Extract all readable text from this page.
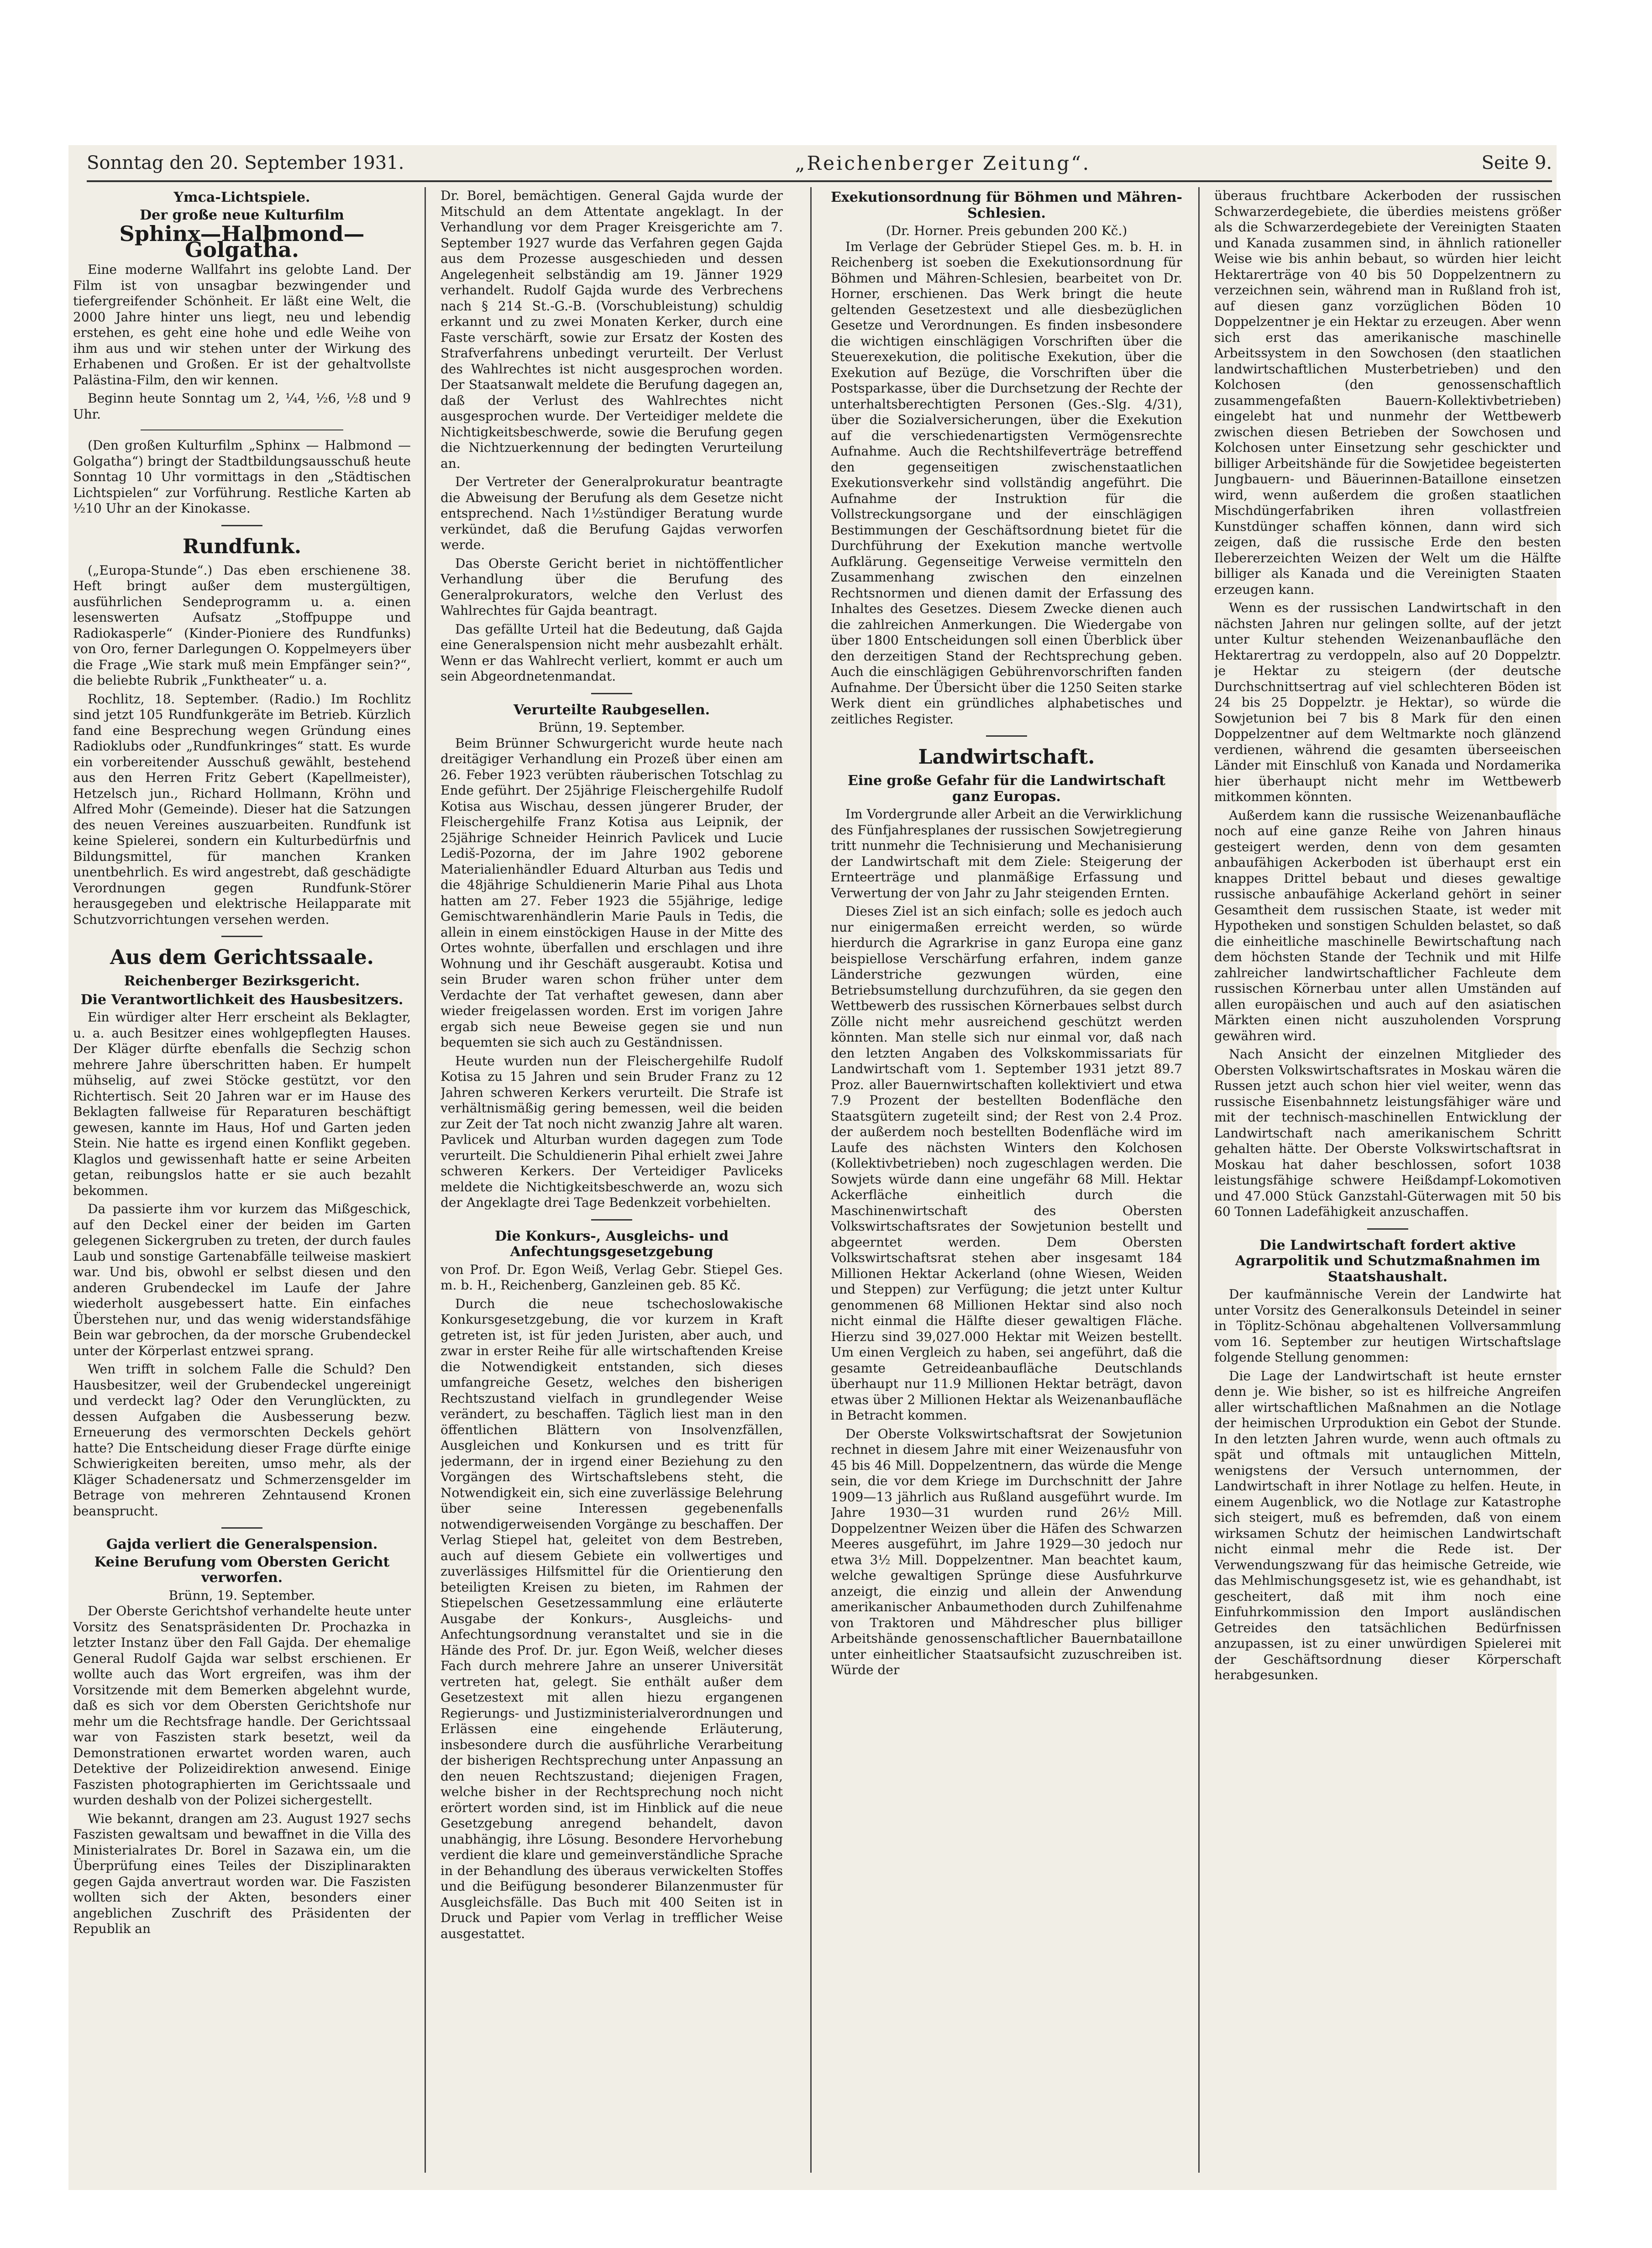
Sonntag den 20. September 1931.	„Reichenberger Zeitung“.	Seite 9.
Ymca-Lichtspiele.
Der große neue Kulturfilm
Sphinx—Halbmond—Golgatha.

Eine moderne Wallfahrt ins gelobte Land. Der Film ist von unsagbar bezwingender und tiefergreifender Schönheit. Er läßt eine Welt, die 2000 Jahre hinter uns liegt, neu und lebendig erstehen, es geht eine hohe und edle Weihe von ihm aus und wir stehen unter der Wirkung des Erhabenen und Großen. Er ist der gehaltvollste Palästina-Film, den wir kennen.

Beginn heute Sonntag um 2, ¼4, ½6, ½8 und 9 Uhr.

(Den großen Kulturfilm „Sphinx — Halbmond — Golgatha“) bringt der Stadtbildungsausschuß heute Sonntag 10 Uhr vormittags in den „Städtischen Lichtspielen“ zur Vorführung. Restliche Karten ab ½10 Uhr an der Kinokasse.

Rundfunk.

(„Europa-Stunde“.) Das eben erschienene 38. Heft bringt außer dem mustergültigen, ausführlichen Sendeprogramm u. a. einen lesenswerten Aufsatz „Stoffpuppe und Radiokasperle“ (Kinder-Pioniere des Rundfunks) von Oro, ferner Darlegungen O. Koppelmeyers über die Frage „Wie stark muß mein Empfänger sein?“, die beliebte Rubrik „Funktheater“ u. a.

Rochlitz, 18. September. (Radio.) Im Rochlitz sind jetzt 105 Rundfunkgeräte im Betrieb. Kürzlich fand eine Besprechung wegen Gründung eines Radioklubs oder „Rundfunkringes“ statt. Es wurde ein vorbereitender Ausschuß gewählt, bestehend aus den Herren Fritz Gebert (Kapellmeister), Hetzelsch jun., Richard Hollmann, Kröhn und Alfred Mohr (Gemeinde). Dieser hat die Satzungen des neuen Vereines auszuarbeiten. Rundfunk ist keine Spielerei, sondern ein Kulturbedürfnis und Bildungsmittel, für manchen Kranken unentbehrlich. Es wird angestrebt, daß geschädigte Verordnungen gegen Rundfunk-Störer herausgegeben und elektrische Heilapparate mit Schutzvorrichtungen versehen werden.

Aus dem Gerichtssaale.
Reichenberger Bezirksgericht.
Die Verantwortlichkeit des Hausbesitzers.

Ein würdiger alter Herr erscheint als Beklagter, u. a. auch Besitzer eines wohlgepflegten Hauses. Der Kläger dürfte ebenfalls die Sechzig schon mehrere Jahre überschritten haben. Er humpelt mühselig, auf zwei Stöcke gestützt, vor den Richtertisch. Seit 20 Jahren war er im Hause des Beklagten fallweise für Reparaturen beschäftigt gewesen, kannte im Haus, Hof und Garten jeden Stein. Nie hatte es irgend einen Konflikt gegeben. Klaglos und gewissenhaft hatte er seine Arbeiten getan, reibungslos hatte er sie auch bezahlt bekommen.

Da passierte ihm vor kurzem das Mißgeschick, auf den Deckel einer der beiden im Garten gelegenen Sickergruben zu treten, der durch faules Laub und sonstige Gartenabfälle teilweise maskiert war. Und bis, obwohl er selbst diesen und den anderen Grubendeckel im Laufe der Jahre wiederholt ausgebessert hatte. Ein einfaches Überstehen nur, und das wenig widerstandsfähige Bein war gebrochen, da der morsche Grubendeckel unter der Körperlast entzwei sprang.

Wen trifft in solchem Falle die Schuld? Den Hausbesitzer, weil der Grubendeckel ungereinigt und verdeckt lag? Oder den Verunglückten, zu dessen Aufgaben die Ausbesserung bezw. Erneuerung des vermorschten Deckels gehört hatte? Die Entscheidung dieser Frage dürfte einige Schwierigkeiten bereiten, umso mehr, als der Kläger Schadenersatz und Schmerzensgelder im Betrage von mehreren Zehntausend Kronen beansprucht.

Gajda verliert die Generalspension.
Keine Berufung vom Obersten Gericht verworfen.
Brünn, 19. September.

Der Oberste Gerichtshof verhandelte heute unter Vorsitz des Senatspräsidenten Dr. Prochazka in letzter Instanz über den Fall Gajda. Der ehemalige General Rudolf Gajda war selbst erschienen. Er wollte auch das Wort ergreifen, was ihm der Vorsitzende mit dem Bemerken abgelehnt wurde, daß es sich vor dem Obersten Gerichtshofe nur mehr um die Rechtsfrage handle. Der Gerichtssaal war von Faszisten stark besetzt, weil da Demonstrationen erwartet worden waren, auch Detektive der Polizeidirektion anwesend. Einige Faszisten photographierten im Gerichtssaale und wurden deshalb von der Polizei sichergestellt.

Wie bekannt, drangen am 23. August 1927 sechs Faszisten gewaltsam und bewaffnet in die Villa des Ministerialrates Dr. Borel in Sazawa ein, um die Überprüfung eines Teiles der Disziplinarakten gegen Gajda anvertraut worden war. Die Faszisten wollten sich der Akten, besonders einer angeblichen Zuschrift des Präsidenten der Republik an

Dr. Borel, bemächtigen. General Gajda wurde der Mitschuld an dem Attentate angeklagt. In der Verhandlung vor dem Prager Kreisgerichte am 7. September 1927 wurde das Verfahren gegen Gajda aus dem Prozesse ausgeschieden und dessen Angelegenheit selbständig am 19. Jänner 1929 verhandelt. Rudolf Gajda wurde des Verbrechens nach § 214 St.-G.-B. (Vorschubleistung) schuldig erkannt und zu zwei Monaten Kerker, durch eine Faste verschärft, sowie zur Ersatz der Kosten des Strafverfahrens unbedingt verurteilt. Der Verlust des Wahlrechtes ist nicht ausgesprochen worden. Der Staatsanwalt meldete die Berufung dagegen an, daß der Verlust des Wahlrechtes nicht ausgesprochen wurde. Der Verteidiger meldete die Nichtigkeitsbeschwerde, sowie die Berufung gegen die Nichtzuerkennung der bedingten Verurteilung an.

Der Vertreter der Generalprokuratur beantragte die Abweisung der Berufung als dem Gesetze nicht entsprechend. Nach 1½stündiger Beratung wurde verkündet, daß die Berufung Gajdas verworfen werde.

Das Oberste Gericht beriet in nichtöffentlicher Verhandlung über die Berufung des Generalprokurators, welche den Verlust des Wahlrechtes für Gajda beantragt.

Das gefällte Urteil hat die Bedeutung, daß Gajda eine Generalspension nicht mehr ausbezahlt erhält. Wenn er das Wahlrecht verliert, kommt er auch um sein Abgeordnetenmandat.

Verurteilte Raubgesellen.
Brünn, 19. September.

Beim Brünner Schwurgericht wurde heute nach dreitägiger Verhandlung ein Prozeß über einen am 26. Feber 1923 verübten räuberischen Totschlag zu Ende geführt. Der 25jährige Fleischergehilfe Rudolf Kotisa aus Wischau, dessen jüngerer Bruder, der Fleischergehilfe Franz Kotisa aus Leipnik, der 25jährige Schneider Heinrich Pavlicek und Lucie Lediš-Pozorna, der im Jahre 1902 geborene Materialienhändler Eduard Alturban aus Tedis und die 48jährige Schuldienerin Marie Pihal aus Lhota hatten am 27. Feber 1923 die 55jährige, ledige Gemischtwarenhändlerin Marie Pauls in Tedis, die allein in einem einstöckigen Hause in der Mitte des Ortes wohnte, überfallen und erschlagen und ihre Wohnung und ihr Geschäft ausgeraubt. Kotisa und sein Bruder waren schon früher unter dem Verdachte der Tat verhaftet gewesen, dann aber wieder freigelassen worden. Erst im vorigen Jahre ergab sich neue Beweise gegen sie und nun bequemten sie sich auch zu Geständnissen.

Heute wurden nun der Fleischergehilfe Rudolf Kotisa zu 15 Jahren und sein Bruder Franz zu 12 Jahren schweren Kerkers verurteilt. Die Strafe ist verhältnismäßig gering bemessen, weil die beiden zur Zeit der Tat noch nicht zwanzig Jahre alt waren. Pavlicek und Alturban wurden dagegen zum Tode verurteilt. Die Schuldienerin Pihal erhielt zwei Jahre schweren Kerkers. Der Verteidiger Pavliceks meldete die Nichtigkeitsbeschwerde an, wozu sich der Angeklagte drei Tage Bedenkzeit vorbehielten.

Die Konkurs-, Ausgleichs- und Anfechtungsgesetzgebung

von Prof. Dr. Egon Weiß, Verlag Gebr. Stiepel Ges. m. b. H., Reichenberg, Ganzleinen geb. 85 Kč.

Durch die neue tschechoslowakische Konkursgesetzgebung, die vor kurzem in Kraft getreten ist, ist für jeden Juristen, aber auch, und zwar in erster Reihe für alle wirtschaftenden Kreise die Notwendigkeit entstanden, sich dieses umfangreiche Gesetz, welches den bisherigen Rechtszustand vielfach in grundlegender Weise verändert, zu beschaffen. Täglich liest man in den öffentlichen Blättern von Insolvenzfällen, Ausgleichen und Konkursen und es tritt für jedermann, der in irgend einer Beziehung zu den Vorgängen des Wirtschaftslebens steht, die Notwendigkeit ein, sich eine zuverlässige Belehrung über seine Interessen gegebenenfalls notwendigerweisenden Vorgänge zu beschaffen. Der Verlag Stiepel hat, geleitet von dem Bestreben, auch auf diesem Gebiete ein vollwertiges und zuverlässiges Hilfsmittel für die Orientierung den beteiligten Kreisen zu bieten, im Rahmen der Stiepelschen Gesetzessammlung eine erläuterte Ausgabe der Konkurs-, Ausgleichs- und Anfechtungsordnung veranstaltet und sie in die Hände des Prof. Dr. jur. Egon Weiß, welcher dieses Fach durch mehrere Jahre an unserer Universität vertreten hat, gelegt. Sie enthält außer dem Gesetzestext mit allen hiezu ergangenen Regierungs- und Justizministerialverordnungen und Erlässen eine eingehende Erläuterung, insbesondere durch die ausführliche Verarbeitung der bisherigen Rechtsprechung unter Anpassung an den neuen Rechtszustand; diejenigen Fragen, welche bisher in der Rechtsprechung noch nicht erörtert worden sind, ist im Hinblick auf die neue Gesetzgebung anregend behandelt, davon unabhängig, ihre Lösung. Besondere Hervorhebung verdient die klare und gemeinverständliche Sprache in der Behandlung des überaus verwickelten Stoffes und die Beifügung besonderer Bilanzenmuster für Ausgleichsfälle. Das Buch mit 400 Seiten ist in Druck und Papier vom Verlag in trefflicher Weise ausgestattet.

Exekutionsordnung für Böhmen und Mähren-Schlesien.
(Dr. Horner. Preis gebunden 200 Kč.)

Im Verlage der Gebrüder Stiepel Ges. m. b. H. in Reichenberg ist soeben die Exekutionsordnung für Böhmen und Mähren-Schlesien, bearbeitet von Dr. Horner, erschienen. Das Werk bringt die heute geltenden Gesetzestext und alle diesbezüglichen Gesetze und Verordnungen. Es finden insbesondere die wichtigen einschlägigen Vorschriften über die Steuerexekution, die politische Exekution, über die Exekution auf Bezüge, die Vorschriften über die Postsparkasse, über die Durchsetzung der Rechte der unterhaltsberechtigten Personen (Ges.-Slg. 4/31), über die Sozialversicherungen, über die Exekution auf die verschiedenartigsten Vermögensrechte Aufnahme. Auch die Rechtshilfeverträge betreffend den gegenseitigen zwischenstaatlichen Exekutionsverkehr sind vollständig angeführt. Die Aufnahme der Instruktion für die Vollstreckungsorgane und der einschlägigen Bestimmungen der Geschäftsordnung bietet für die Durchführung der Exekution manche wertvolle Aufklärung. Gegenseitige Verweise vermitteln den Zusammenhang zwischen den einzelnen Rechtsnormen und dienen damit der Erfassung des Inhaltes des Gesetzes. Diesem Zwecke dienen auch die zahlreichen Anmerkungen. Die Wiedergabe von über 1800 Entscheidungen soll einen Überblick über den derzeitigen Stand der Rechtsprechung geben. Auch die einschlägigen Gebührenvorschriften fanden Aufnahme. Der Übersicht über die 1250 Seiten starke Werk dient ein gründliches alphabetisches und zeitliches Register.

Landwirtschaft.
Eine große Gefahr für die Landwirtschaft ganz Europas.

Im Vordergrunde aller Arbeit an die Verwirklichung des Fünfjahresplanes der russischen Sowjetregierung tritt nunmehr die Technisierung und Mechanisierung der Landwirtschaft mit dem Ziele: Steigerung der Ernteerträge und planmäßige Erfassung und Verwertung der von Jahr zu Jahr steigenden Ernten.

Dieses Ziel ist an sich einfach; solle es jedoch auch nur einigermaßen erreicht werden, so würde hierdurch die Agrarkrise in ganz Europa eine ganz beispiellose Verschärfung erfahren, indem ganze Länderstriche gezwungen würden, eine Betriebsumstellung durchzuführen, da sie gegen den Wettbewerb des russischen Körnerbaues selbst durch Zölle nicht mehr ausreichend geschützt werden könnten. Man stelle sich nur einmal vor, daß nach den letzten Angaben des Volkskommissariats für Landwirtschaft vom 1. September 1931 jetzt 89.7 Proz. aller Bauernwirtschaften kollektiviert und etwa 7.9 Prozent der bestellten Bodenfläche den Staatsgütern zugeteilt sind; der Rest von 2.4 Proz. der außerdem noch bestellten Bodenfläche wird im Laufe des nächsten Winters den Kolchosen (Kollektivbetrieben) noch zugeschlagen werden. Die Sowjets würde dann eine ungefähr 68 Mill. Hektar Ackerfläche einheitlich durch die Maschinenwirtschaft des Obersten Volkswirtschaftsrates der Sowjetunion bestellt und abgeerntet werden. Dem Obersten Volkswirtschaftsrat stehen aber insgesamt 184 Millionen Hektar Ackerland (ohne Wiesen, Weiden und Steppen) zur Verfügung; die jetzt unter Kultur genommenen 68 Millionen Hektar sind also noch nicht einmal die Hälfte dieser gewaltigen Fläche. Hierzu sind 39,027.000 Hektar mit Weizen bestellt. Um einen Vergleich zu haben, sei angeführt, daß die gesamte Getreideanbaufläche Deutschlands überhaupt nur 11.9 Millionen Hektar beträgt, davon etwas über 2 Millionen Hektar als Weizenanbaufläche in Betracht kommen.

Der Oberste Volkswirtschaftsrat der Sowjetunion rechnet in diesem Jahre mit einer Weizenausfuhr von 45 bis 46 Mill. Doppelzentnern, das würde die Menge sein, die vor dem Kriege im Durchschnitt der Jahre 1909—13 jährlich aus Rußland ausgeführt wurde. Im Jahre 1930—31 wurden rund 26½ Mill. Doppelzentner Weizen über die Häfen des Schwarzen Meeres ausgeführt, im Jahre 1929—30 jedoch nur etwa 3½ Mill. Doppelzentner. Man beachtet kaum, welche gewaltigen Sprünge diese Ausfuhrkurve anzeigt, die einzig und allein der Anwendung amerikanischer Anbaumethoden durch Zuhilfenahme von Traktoren und Mähdrescher plus billiger Arbeitshände genossenschaftlicher Bauernbataillone unter einheitlicher Staatsaufsicht zuzuschreiben ist. Würde der

überaus fruchtbare Ackerboden der russischen Schwarzerdegebiete, die überdies meistens größer als die Schwarzerdegebiete der Vereinigten Staaten und Kanada zusammen sind, in ähnlich rationeller Weise wie bis anhin bebaut, so würden hier leicht Hektarerträge von 40 bis 50 Doppelzentnern zu verzeichnen sein, während man in Rußland froh ist, auf diesen ganz vorzüglichen Böden 10 Doppelzentner je ein Hektar zu erzeugen. Aber wenn sich erst das amerikanische maschinelle Arbeitssystem in den Sowchosen (den staatlichen landwirtschaftlichen Musterbetrieben) und den Kolchosen (den genossenschaftlich zusammengefaßten Bauern-Kollektivbetrieben) eingelebt hat und nunmehr der Wettbewerb zwischen diesen Betrieben der Sowchosen und Kolchosen unter Einsetzung sehr geschickter und billiger Arbeitshände für die Sowjetidee begeisterten Jungbauern- und Bäuerinnen-Bataillone einsetzen wird, wenn außerdem die großen staatlichen Mischdüngerfabriken ihren vollastfreien Kunstdünger schaffen können, dann wird sich zeigen, daß die russische Erde den besten Ilebererzeichten Weizen der Welt um die Hälfte billiger als Kanada und die Vereinigten Staaten erzeugen kann.

Wenn es der russischen Landwirtschaft in den nächsten Jahren nur gelingen sollte, auf der jetzt unter Kultur stehenden Weizenanbaufläche den Hektarertrag zu verdoppeln, also auf 20 Doppelztr. je Hektar zu steigern (der deutsche Durchschnittsertrag auf viel schlechteren Böden ist 24 bis 25 Doppelztr. je Hektar), so würde die Sowjetunion bei 7 bis 8 Mark für den einen Doppelzentner auf dem Weltmarkte noch glänzend verdienen, während die gesamten überseeischen Länder mit Einschluß von Kanada und Nordamerika hier überhaupt nicht mehr im Wettbewerb mitkommen könnten.

Außerdem kann die russische Weizenanbaufläche noch auf eine ganze Reihe von Jahren hinaus gesteigert werden, denn von dem gesamten anbaufähigen Ackerboden ist überhaupt erst ein knappes Drittel bebaut und dieses gewaltige russische anbaufähige Ackerland gehört in seiner Gesamtheit dem russischen Staate, ist weder mit Hypotheken und sonstigen Schulden belastet, so daß die einheitliche maschinelle Bewirtschaftung nach dem höchsten Stande der Technik und mit Hilfe zahlreicher landwirtschaftlicher Fachleute dem russischen Körnerbau unter allen Umständen auf allen europäischen und auch auf den asiatischen Märkten einen nicht auszuholenden Vorsprung gewähren wird.

Nach Ansicht der einzelnen Mitglieder des Obersten Volkswirtschaftsrates in Moskau wären die Russen jetzt auch schon hier viel weiter, wenn das russische Eisenbahnnetz leistungsfähiger wäre und mit der technisch-maschinellen Entwicklung der Landwirtschaft nach amerikanischem Schritt gehalten hätte. Der Oberste Volkswirtschaftsrat in Moskau hat daher beschlossen, sofort 1038 leistungsfähige schwere Heißdampf-Lokomotiven und 47.000 Stück Ganzstahl-Güterwagen mit 50 bis 60 Tonnen Ladefähigkeit anzuschaffen.

Die Landwirtschaft fordert aktive Agrarpolitik und Schutzmaßnahmen im Staatshaushalt.

Der kaufmännische Verein der Landwirte hat unter Vorsitz des Generalkonsuls Deteindel in seiner in Töplitz-Schönau abgehaltenen Vollversammlung vom 16. September zur heutigen Wirtschaftslage folgende Stellung genommen:

Die Lage der Landwirtschaft ist heute ernster denn je. Wie bisher, so ist es hilfreiche Angreifen aller wirtschaftlichen Maßnahmen an die Notlage der heimischen Urproduktion ein Gebot der Stunde. In den letzten Jahren wurde, wenn auch oftmals zu spät und oftmals mit untauglichen Mitteln, wenigstens der Versuch unternommen, der Landwirtschaft in ihrer Notlage zu helfen. Heute, in einem Augenblick, wo die Notlage zur Katastrophe sich steigert, muß es befremden, daß von einem wirksamen Schutz der heimischen Landwirtschaft nicht einmal mehr die Rede ist. Der Verwendungszwang für das heimische Getreide, wie das Mehlmischungsgesetz ist, wie es gehandhabt, ist gescheitert, daß mit ihm noch eine Einfuhrkommission den Import ausländischen Getreides den tatsächlichen Bedürfnissen anzupassen, ist zu einer unwürdigen Spielerei mit der Geschäftsordnung dieser Körperschaft herabgesunken.
